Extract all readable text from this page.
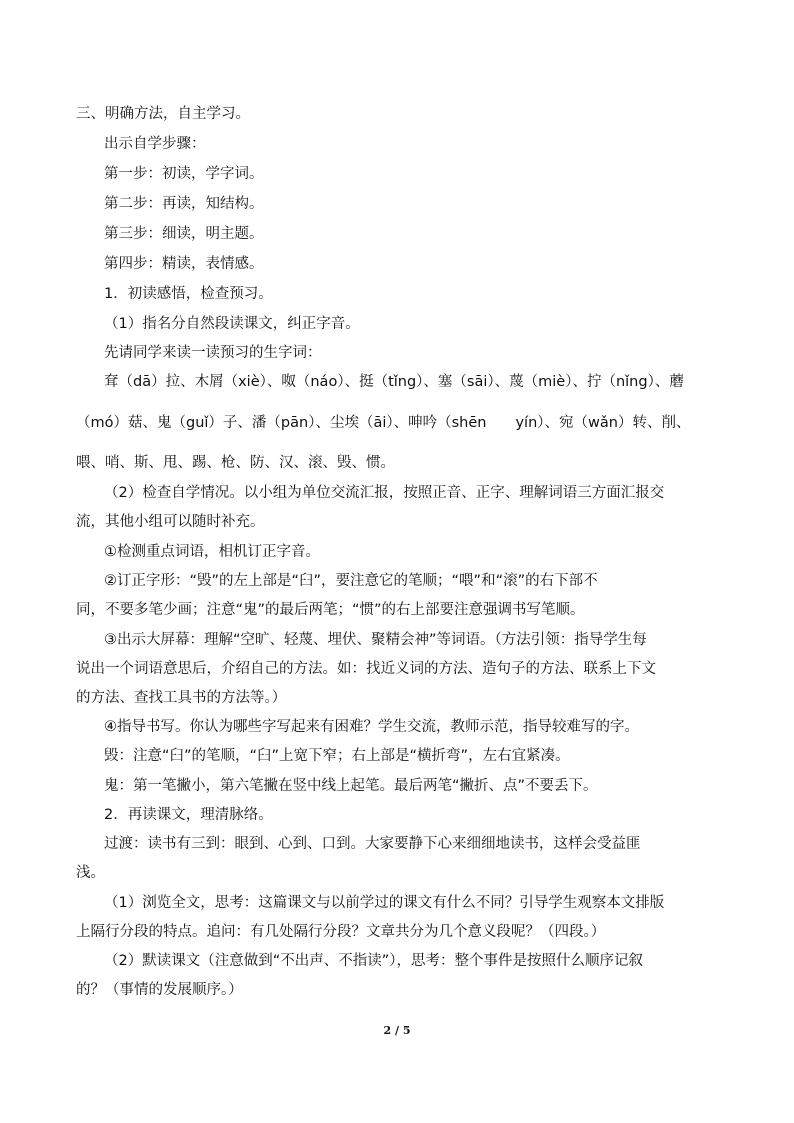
三、明确方法，自主学习。
出示自学步骤：
第一步：初读，学字词。
第二步：再读，知结构。
第三步：细读，明主题。
第四步：精读，表情感。
1．初读感悟，检查预习。
（1）指名分自然段读课文，纠正字音。
先请同学来读一读预习的生字词：
耷（dā）拉、木屑（xiè）、呶（náo）、挺（tǐng）、塞（sāi）、蔑（miè）、拧（nǐng）、蘑
（mó）菇、鬼（guǐ）子、潘（pān）、尘埃（āi）、呻吟（shēn　　yín）、宛（wǎn）转、削、
喂、哨、斯、甩、踢、枪、防、汉、滚、毁、惯。
（2）检查自学情况。以小组为单位交流汇报，按照正音、正字、理解词语三方面汇报交
流，其他小组可以随时补充。
①检测重点词语，相机订正字音。
②订正字形：“毁”的左上部是“臼”，要注意它的笔顺；“喂”和“滚”的右下部不
同，不要多笔少画；注意“鬼”的最后两笔；“惯”的右上部要注意强调书写笔顺。
③出示大屏幕：理解“空旷、轻蔑、埋伏、聚精会神”等词语。（方法引领：指导学生每
说出一个词语意思后，介绍自己的方法。如：找近义词的方法、造句子的方法、联系上下文
的方法、查找工具书的方法等。）
④指导书写。你认为哪些字写起来有困难？学生交流，教师示范，指导较难写的字。
毁：注意“臼”的笔顺，“臼”上宽下窄；右上部是“横折弯”，左右宜紧凑。
鬼：第一笔撇小，第六笔撇在竖中线上起笔。最后两笔“撇折、点”不要丢下。
2．再读课文，理清脉络。
过渡：读书有三到：眼到、心到、口到。大家要静下心来细细地读书，这样会受益匪
浅。
（1）浏览全文，思考：这篇课文与以前学过的课文有什么不同？引导学生观察本文排版
上隔行分段的特点。追问：有几处隔行分段？文章共分为几个意义段呢？（四段。）
（2）默读课文（注意做到“不出声、不指读”），思考：整个事件是按照什么顺序记叙
的？（事情的发展顺序。）
2 / 5
